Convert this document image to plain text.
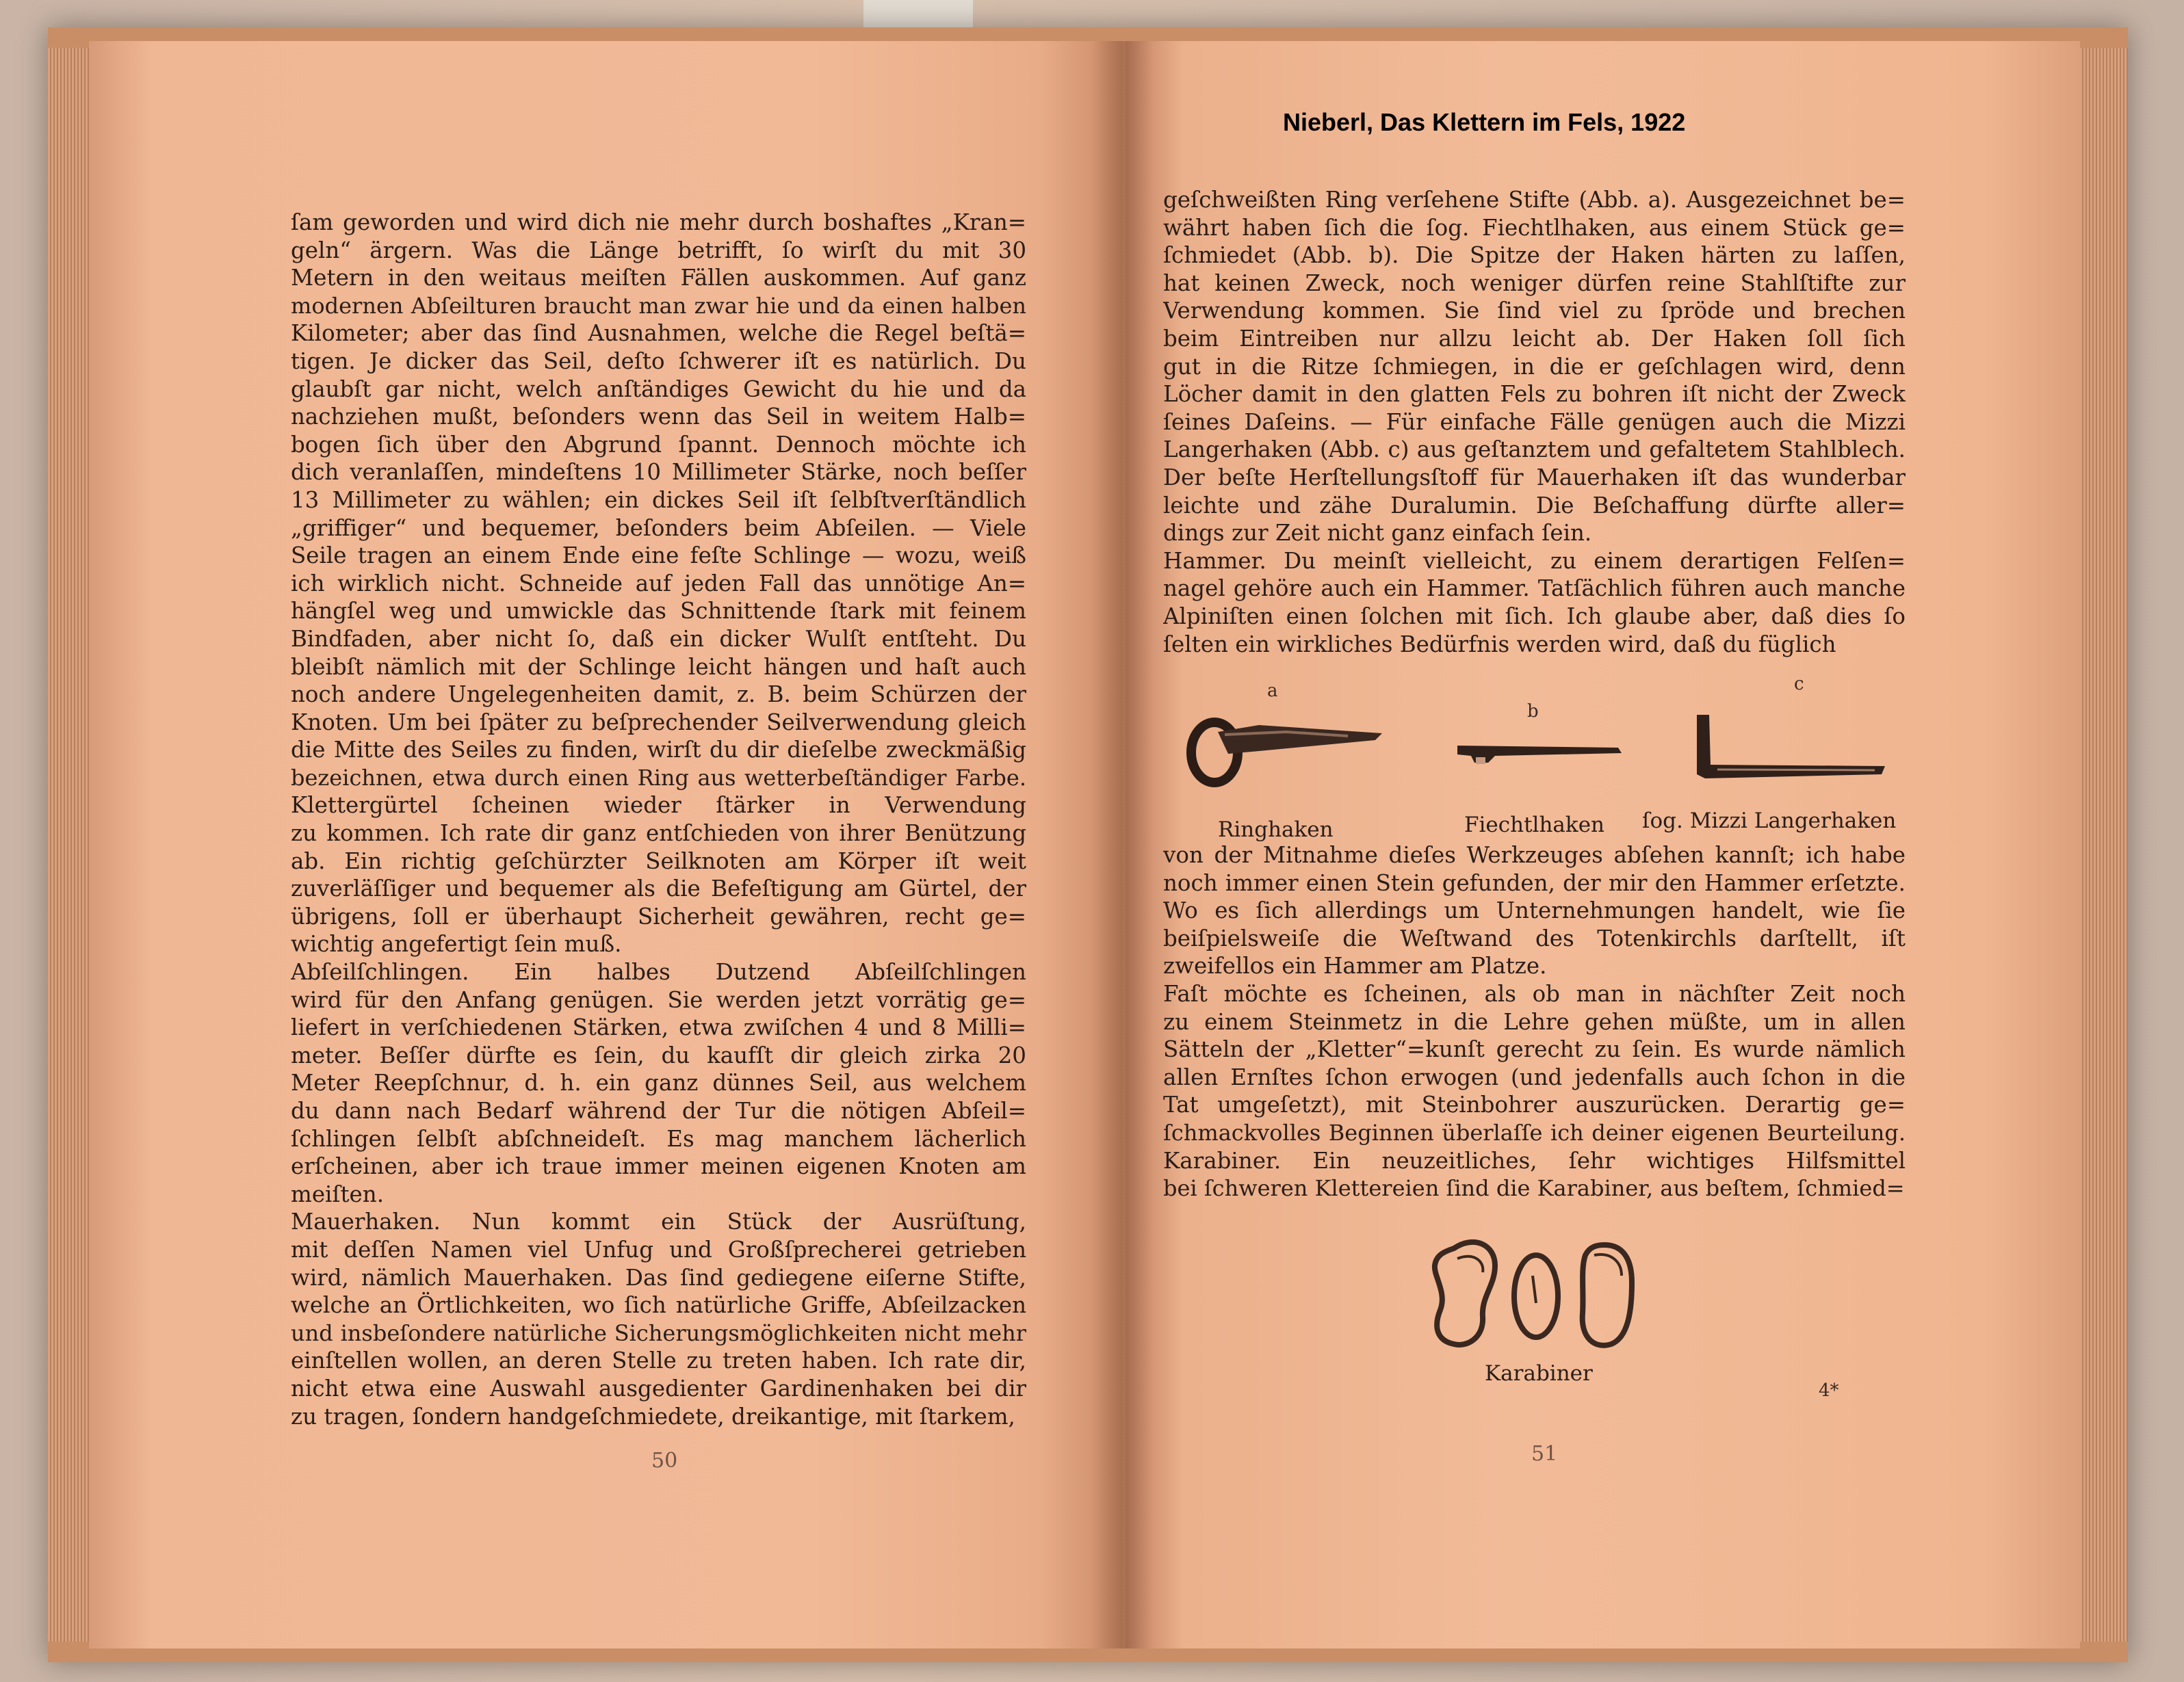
Nieberl, Das Klettern im Fels, 1922
ſam geworden und wird dich nie mehr durch boshaftes „Kran=
geln“ ärgern. Was die Länge betrifft, ſo wirſt du mit 30
Metern in den weitaus meiſten Fällen auskommen. Auf ganz
modernen Abſeilturen braucht man zwar hie und da einen halben
Kilometer; aber das ſind Ausnahmen, welche die Regel beſtä=
tigen. Je dicker das Seil, deſto ſchwerer iſt es natürlich. Du
glaubſt gar nicht, welch anſtändiges Gewicht du hie und da
nachziehen mußt, beſonders wenn das Seil in weitem Halb=
bogen ſich über den Abgrund ſpannt. Dennoch möchte ich
dich veranlaſſen, mindeſtens 10 Millimeter Stärke, noch beſſer
13 Millimeter zu wählen; ein dickes Seil iſt ſelbſtverſtändlich
„griffiger“ und bequemer, beſonders beim Abſeilen. — Viele
Seile tragen an einem Ende eine feſte Schlinge — wozu, weiß
ich wirklich nicht. Schneide auf jeden Fall das unnötige An=
hängſel weg und umwickle das Schnittende ſtark mit feinem
Bindfaden, aber nicht ſo, daß ein dicker Wulſt entſteht. Du
bleibſt nämlich mit der Schlinge leicht hängen und haſt auch
noch andere Ungelegenheiten damit, z. B. beim Schürzen der
Knoten. Um bei ſpäter zu beſprechender Seilverwendung gleich
die Mitte des Seiles zu finden, wirſt du dir dieſelbe zweckmäßig
bezeichnen, etwa durch einen Ring aus wetterbeſtändiger Farbe.
Klettergürtel ſcheinen wieder ſtärker in Verwendung
zu kommen. Ich rate dir ganz entſchieden von ihrer Benützung
ab. Ein richtig geſchürzter Seilknoten am Körper iſt weit
zuverläſſiger und bequemer als die Befeſtigung am Gürtel, der
übrigens, ſoll er überhaupt Sicherheit gewähren, recht ge=
wichtig angefertigt ſein muß.
Abſeilſchlingen. Ein halbes Dutzend Abſeilſchlingen
wird für den Anfang genügen. Sie werden jetzt vorrätig ge=
liefert in verſchiedenen Stärken, etwa zwiſchen 4 und 8 Milli=
meter. Beſſer dürfte es ſein, du kaufſt dir gleich zirka 20
Meter Reepſchnur, d. h. ein ganz dünnes Seil, aus welchem
du dann nach Bedarf während der Tur die nötigen Abſeil=
ſchlingen ſelbſt abſchneideſt. Es mag manchem lächerlich
erſcheinen, aber ich traue immer meinen eigenen Knoten am
meiſten.
Mauerhaken. Nun kommt ein Stück der Ausrüſtung,
mit deſſen Namen viel Unfug und Großſprecherei getrieben
wird, nämlich Mauerhaken. Das ſind gediegene eiſerne Stifte,
welche an Örtlichkeiten, wo ſich natürliche Griffe, Abſeilzacken
und insbeſondere natürliche Sicherungsmöglichkeiten nicht mehr
einſtellen wollen, an deren Stelle zu treten haben. Ich rate dir,
nicht etwa eine Auswahl ausgedienter Gardinenhaken bei dir
zu tragen, ſondern handgeſchmiedete, dreikantige, mit ſtarkem,
50
geſchweißten Ring verſehene Stifte (Abb. a). Ausgezeichnet be=
währt haben ſich die ſog. Fiechtlhaken, aus einem Stück ge=
ſchmiedet (Abb. b). Die Spitze der Haken härten zu laſſen,
hat keinen Zweck, noch weniger dürfen reine Stahlſtifte zur
Verwendung kommen. Sie ſind viel zu ſpröde und brechen
beim Eintreiben nur allzu leicht ab. Der Haken ſoll ſich
gut in die Ritze ſchmiegen, in die er geſchlagen wird, denn
Löcher damit in den glatten Fels zu bohren iſt nicht der Zweck
ſeines Daſeins. — Für einfache Fälle genügen auch die Mizzi
Langerhaken (Abb. c) aus geſtanztem und gefaltetem Stahlblech.
Der beſte Herſtellungsſtoff für Mauerhaken iſt das wunderbar
leichte und zähe Duralumin. Die Beſchaffung dürfte aller=
dings zur Zeit nicht ganz einfach ſein.
Hammer. Du meinſt vielleicht, zu einem derartigen Felſen=
nagel gehöre auch ein Hammer. Tatſächlich führen auch manche
Alpiniſten einen ſolchen mit ſich. Ich glaube aber, daß dies ſo
ſelten ein wirkliches Bedürfnis werden wird, daß du füglich
a
b
c
Ringhaken	Fiechtlhaken ſog. Mizzi Langerhaken
von der Mitnahme dieſes Werkzeuges abſehen kannſt; ich habe
noch immer einen Stein gefunden, der mir den Hammer erſetzte.
Wo es ſich allerdings um Unternehmungen handelt, wie ſie
beiſpielsweiſe die Weſtwand des Totenkirchls darſtellt, iſt
zweifellos ein Hammer am Platze.
Faſt möchte es ſcheinen, als ob man in nächſter Zeit noch
zu einem Steinmetz in die Lehre gehen müßte, um in allen
Sätteln der „Kletter“=kunſt gerecht zu ſein. Es wurde nämlich
allen Ernſtes ſchon erwogen (und jedenfalls auch ſchon in die
Tat umgeſetzt), mit Steinbohrer auszurücken. Derartig ge=
ſchmackvolles Beginnen überlaſſe ich deiner eigenen Beurteilung.
Karabiner. Ein neuzeitliches, ſehr wichtiges Hilfsmittel
bei ſchweren Klettereien ſind die Karabiner, aus beſtem, ſchmied=
Karabiner
4*
51
